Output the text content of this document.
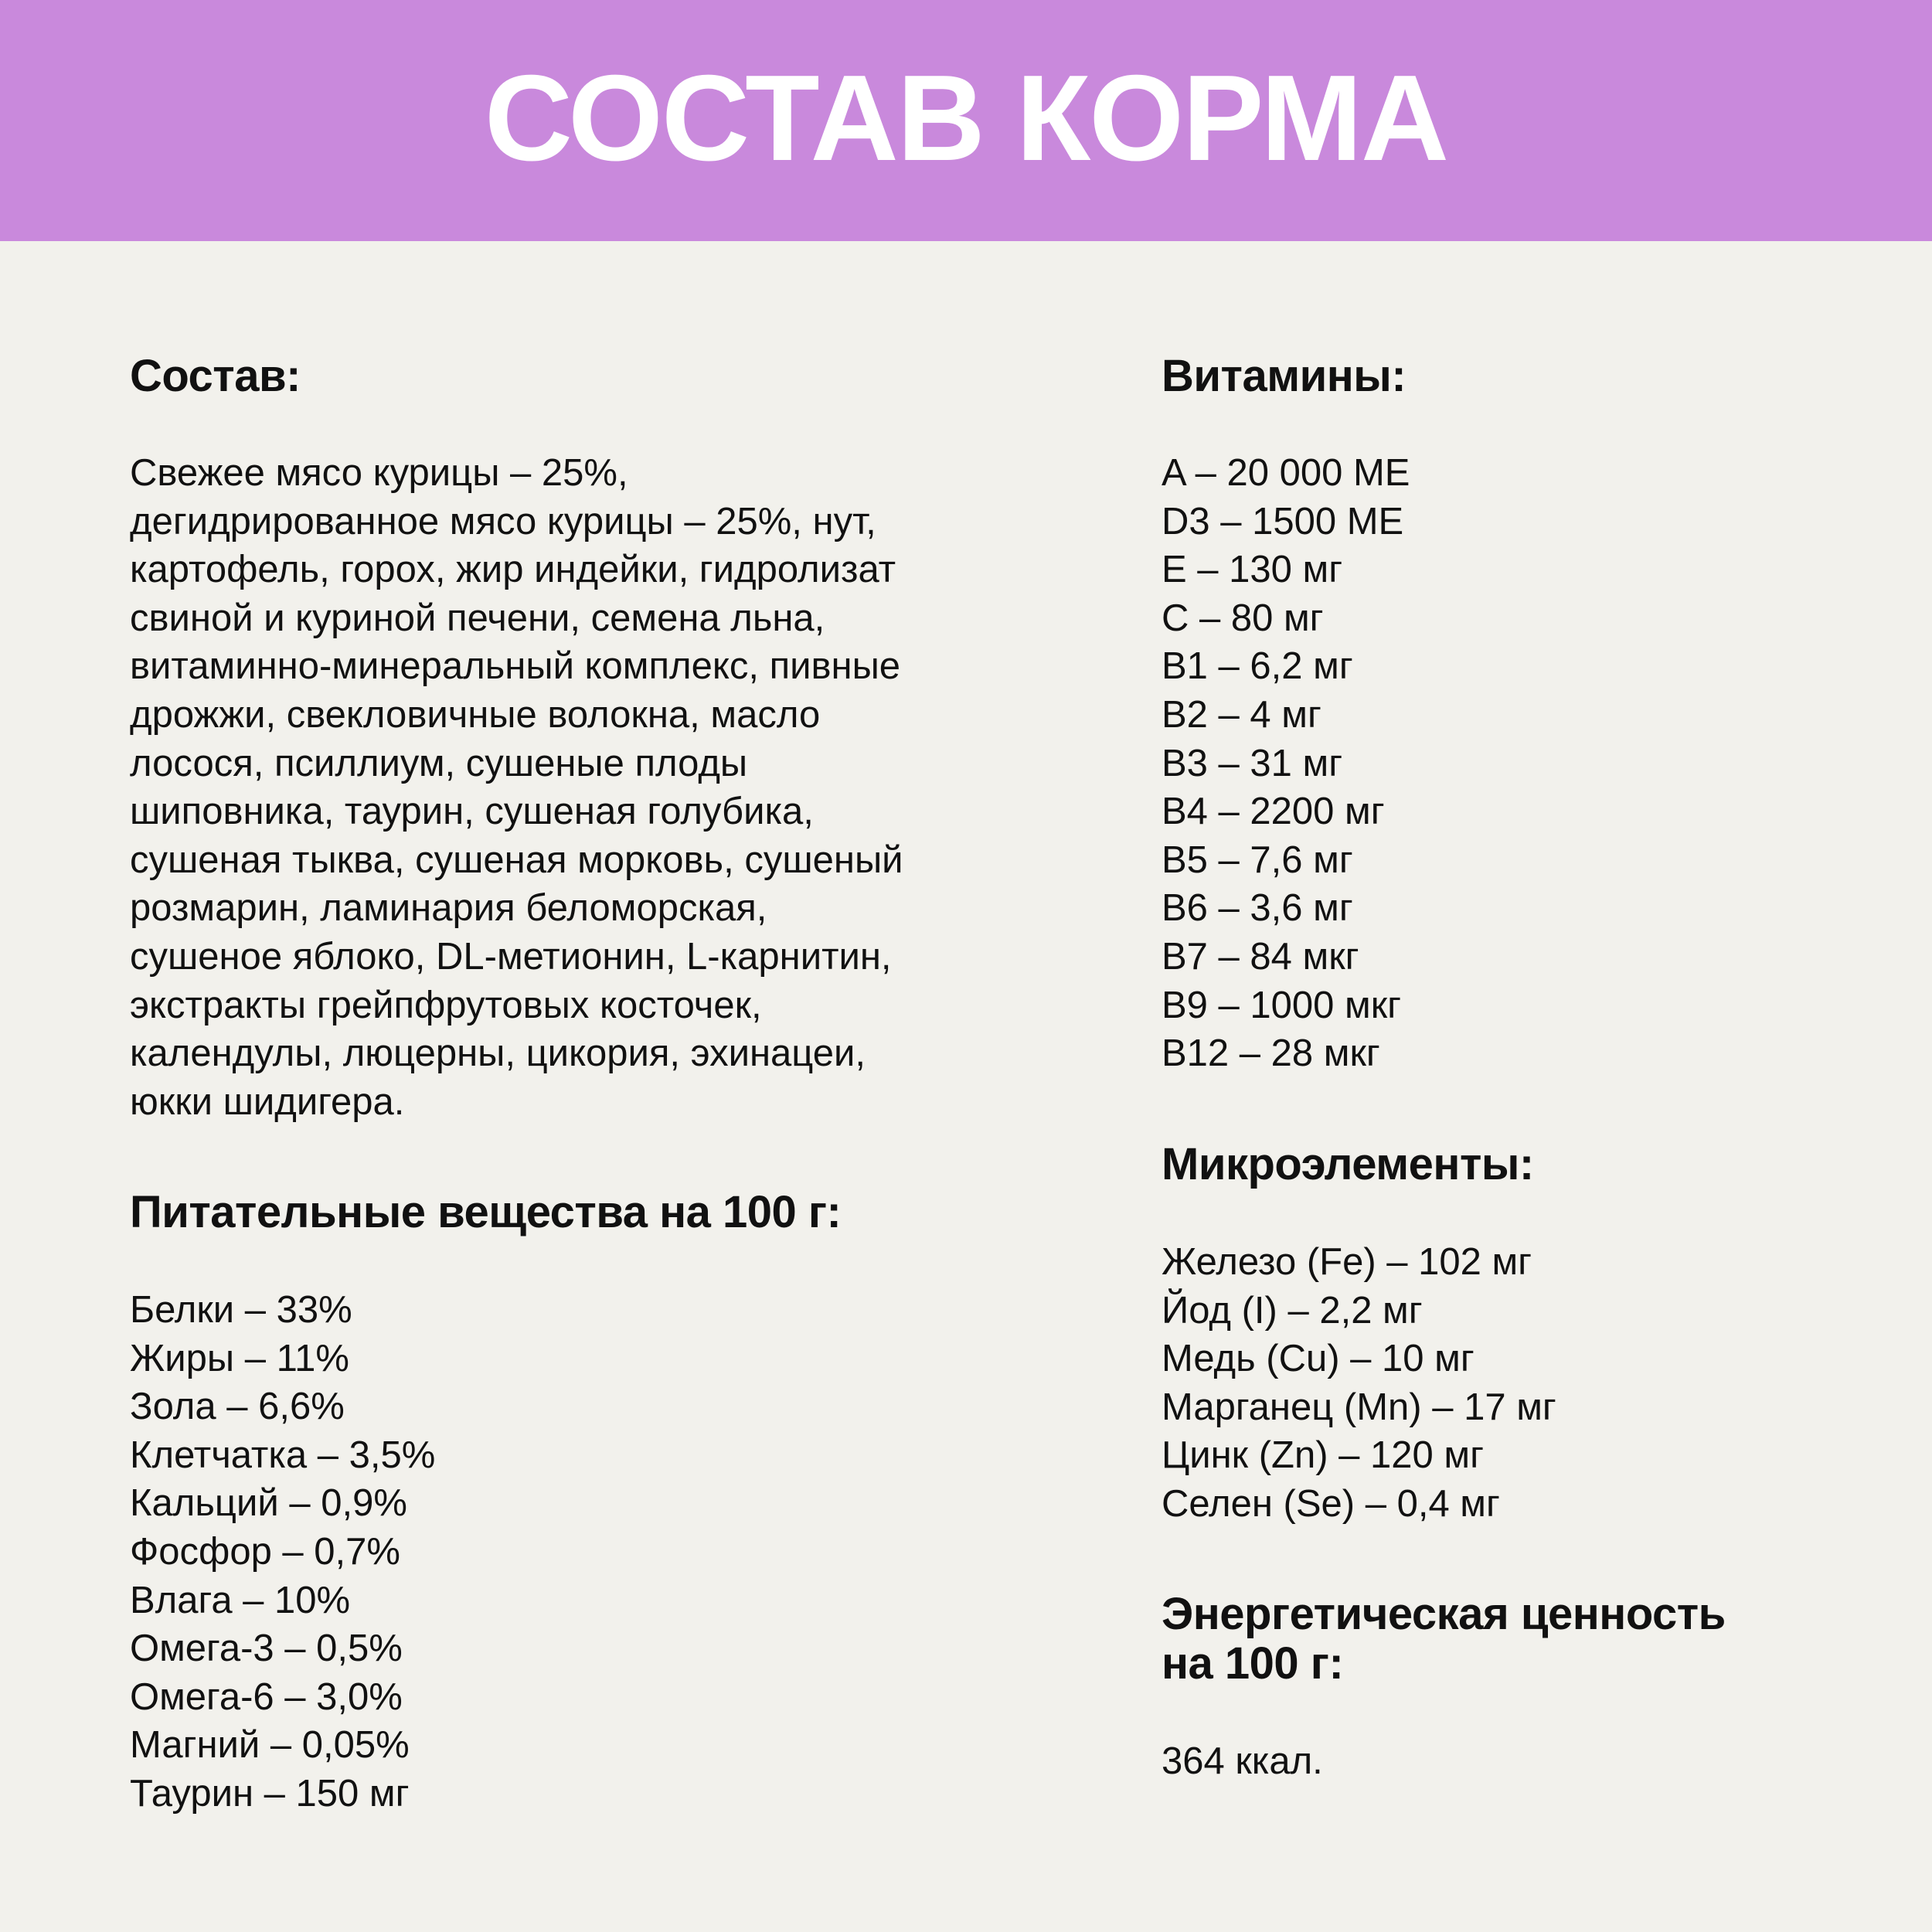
СОСТАВ КОРМА
Состав:

Свежее мясо курицы – 25%,
дегидрированное мясо курицы – 25%, нут,
картофель, горох, жир индейки, гидролизат
свиной и куриной печени, семена льна,
витаминно-минеральный комплекс, пивные
дрожжи, свекловичные волокна, масло
лосося, псиллиум, сушеные плоды
шиповника, таурин, сушеная голубика,
сушеная тыква, сушеная морковь, сушеный
розмарин, ламинария беломорская,
сушеное яблоко, DL-метионин, L-карнитин,
экстракты грейпфрутовых косточек,
календулы, люцерны, цикория, эхинацеи,
юкки шидигера.

Питательные вещества на 100 г:
Белки – 33%
Жиры – 11%
Зола – 6,6%
Клетчатка – 3,5%
Кальций – 0,9%
Фосфор – 0,7%
Влага – 10%
Омега-3 – 0,5%
Омега-6 – 3,0%
Магний – 0,05%
Таурин – 150 мг
Витамины:
A – 20 000 МЕ
D3 – 1500 МЕ
E – 130 мг
C – 80 мг
B1 – 6,2 мг
B2 – 4 мг
B3 – 31 мг
B4 – 2200 мг
B5 – 7,6 мг
B6 – 3,6 мг
B7 – 84 мкг
B9 – 1000 мкг
B12 – 28 мкг
Микроэлементы:
Железо (Fe) – 102 мг
Йод (I) – 2,2 мг
Медь (Cu) – 10 мг
Марганец (Mn) – 17 мг
Цинк (Zn) – 120 мг
Селен (Se) – 0,4 мг
Энергетическая ценность
на 100 г:

364 ккал.
